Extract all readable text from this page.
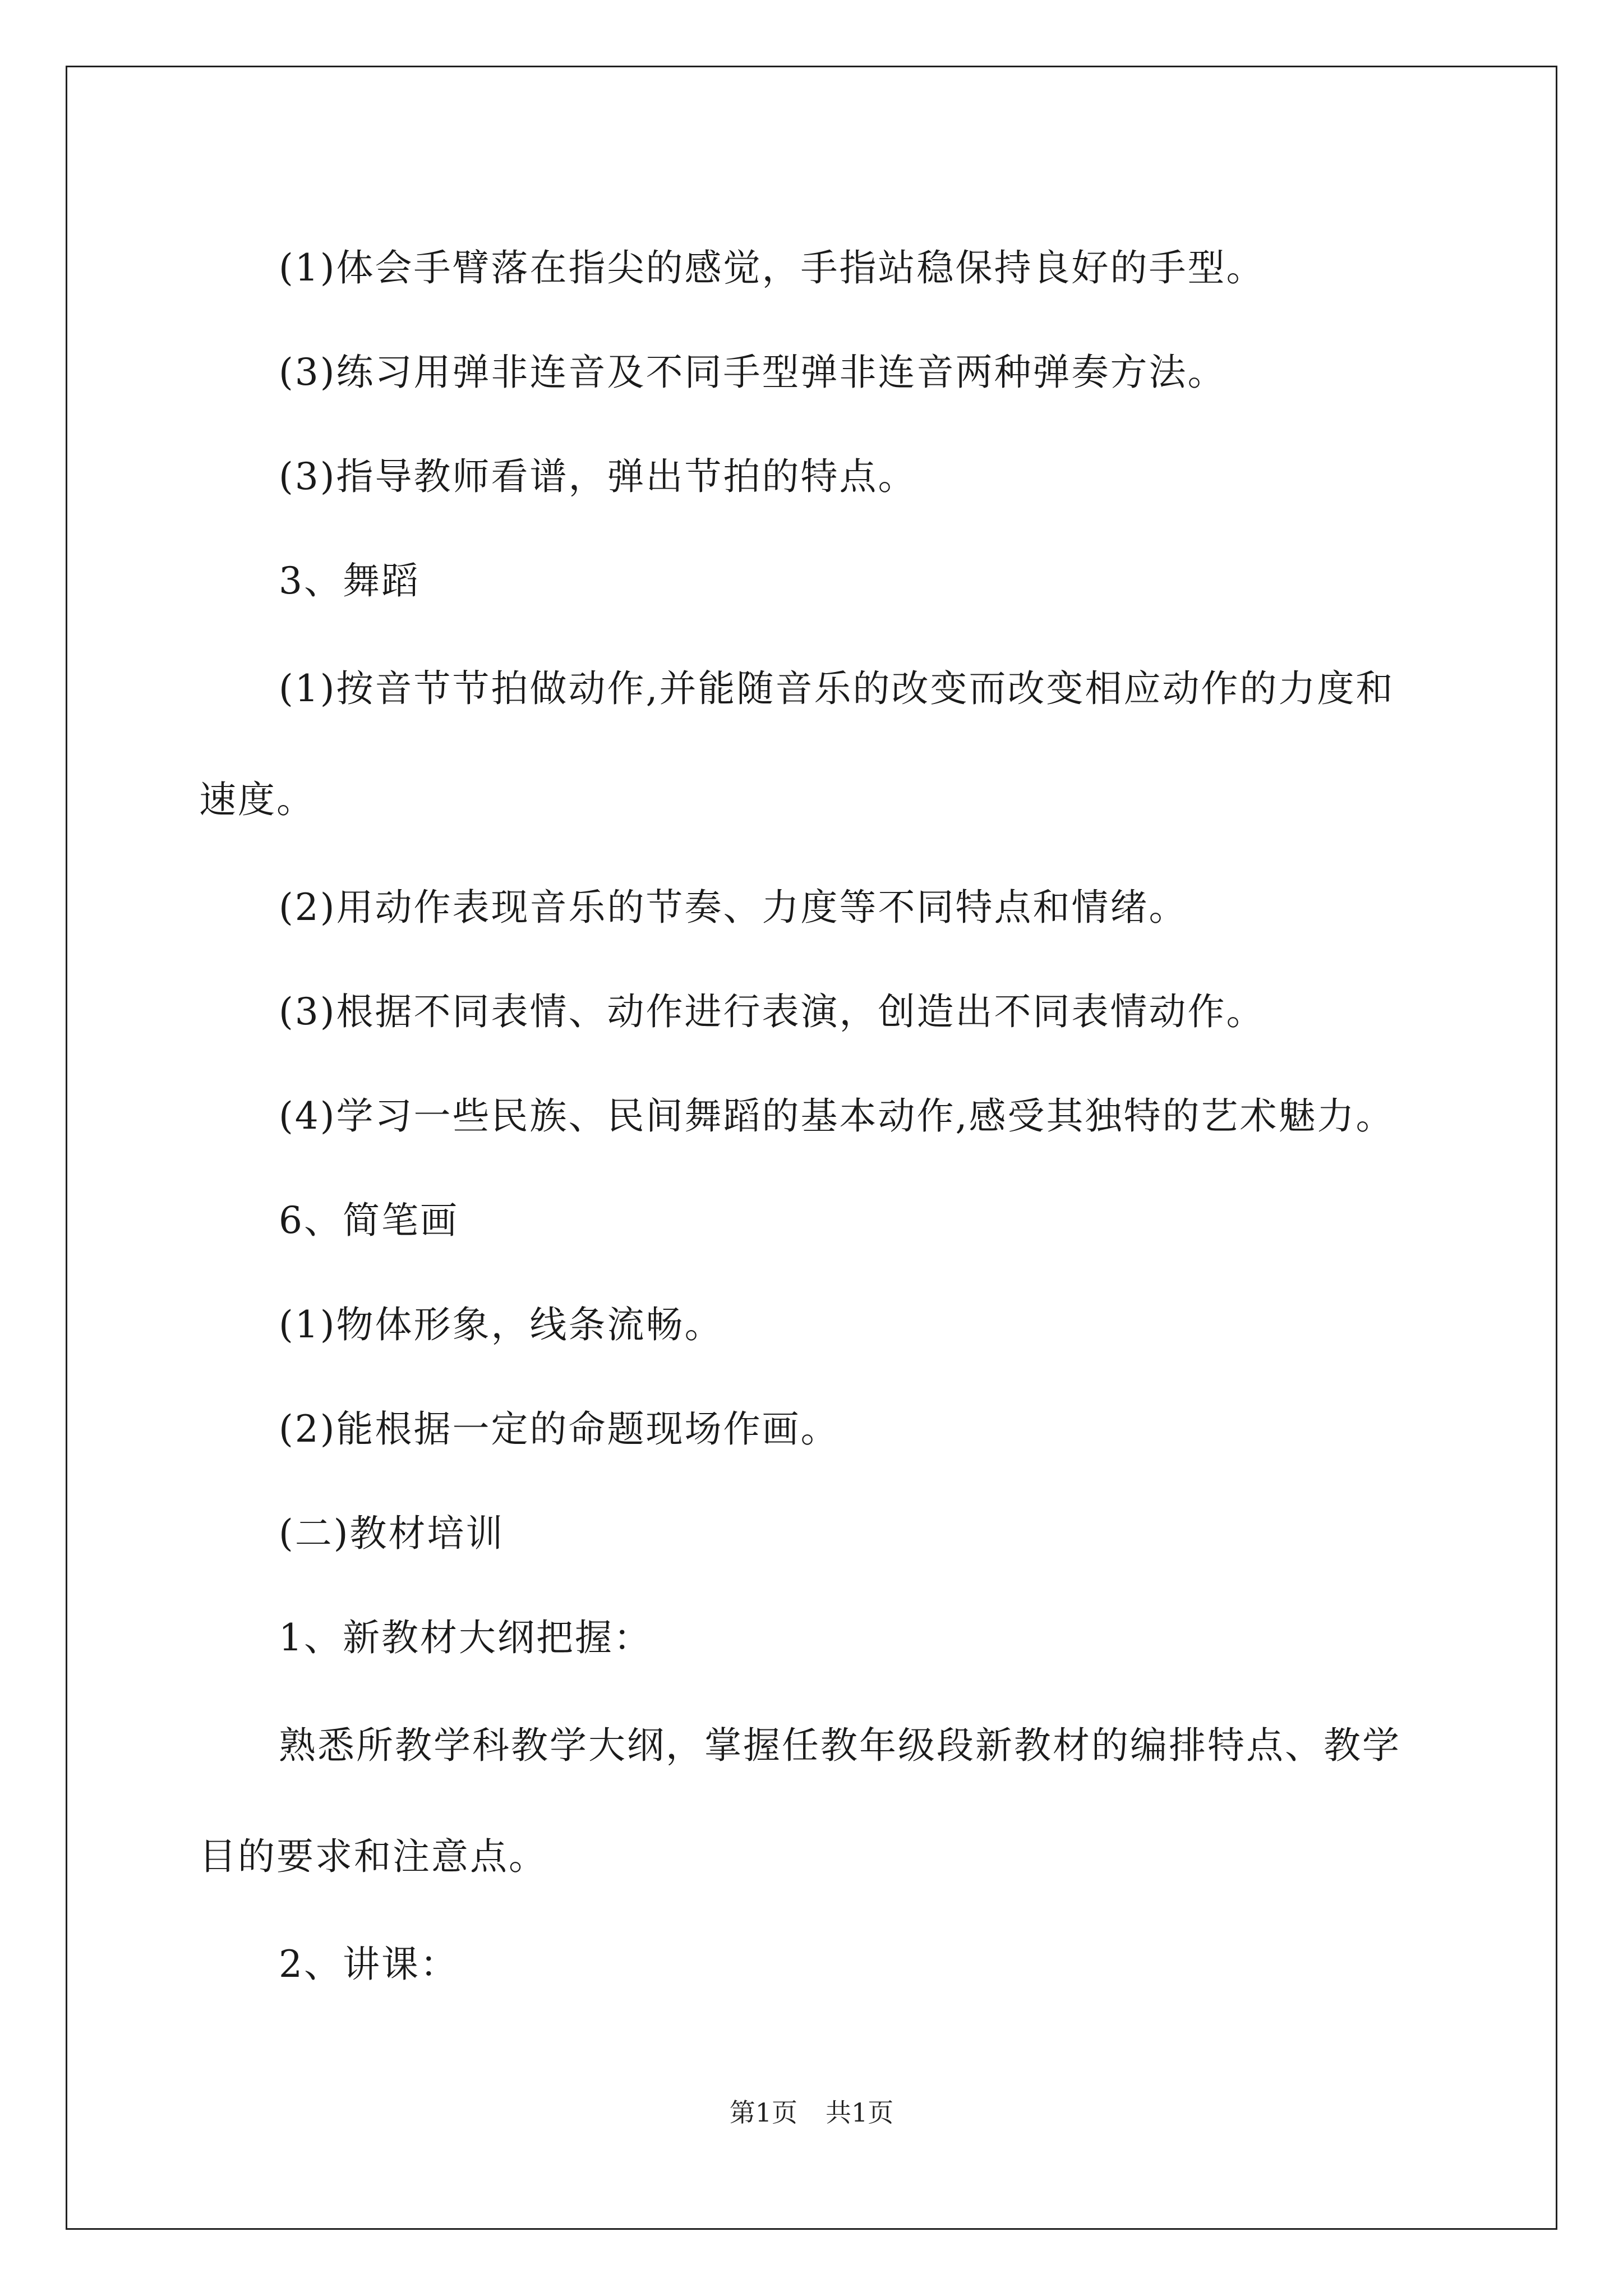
(1)体会手臂落在指尖的感觉，手指站稳保持良好的手型。

(3)练习用弹非连音及不同手型弹非连音两种弹奏方法。

(3)指导教师看谱，弹出节拍的特点。

3、舞蹈

(1)按音节节拍做动作,并能随音乐的改变而改变相应动作的力度和速度。

(2)用动作表现音乐的节奏、力度等不同特点和情绪。

(3)根据不同表情、动作进行表演，创造出不同表情动作。

(4)学习一些民族、民间舞蹈的基本动作,感受其独特的艺术魅力。

6、简笔画

(1)物体形象，线条流畅。

(2)能根据一定的命题现场作画。

(二)教材培训

1、新教材大纲把握：

熟悉所教学科教学大纲，掌握任教年级段新教材的编排特点、教学目的要求和注意点。

2、讲课：

第1页 共1页
